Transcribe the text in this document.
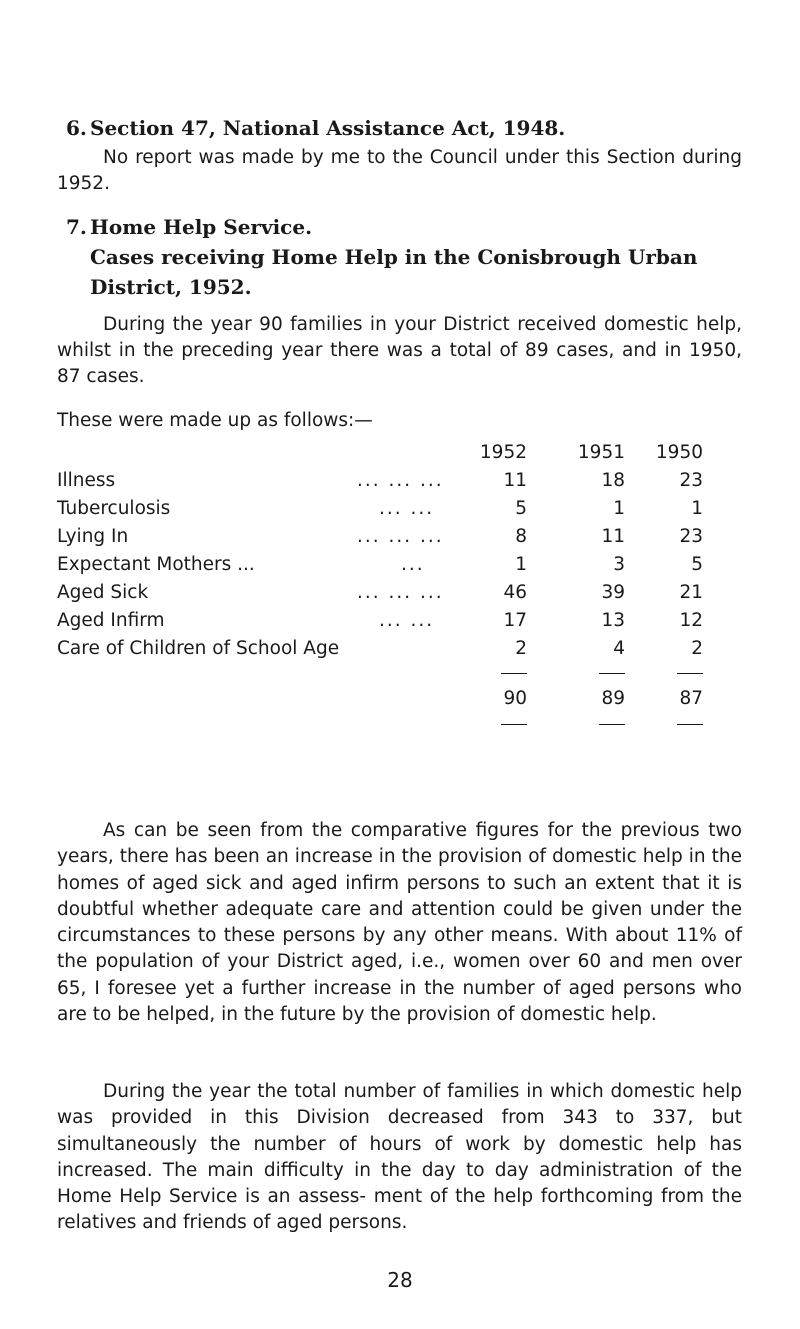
6. Section 47, National Assistance Act, 1948.

No report was made by me to the Council under this Section during 1952.

7. Home Help Service.
Cases receiving Home Help in the Conisbrough Urban District, 1952.

During the year 90 families in your District received domestic help, whilst in the preceding year there was a total of 89 cases, and in 1950, 87 cases.

These were made up as follows:—

		1952		1951	1950
Illness	... ... ...	11		18	23
Tuberculosis	... ...	5		1	1
Lying In	... ... ...	8		11	23
Expectant Mothers ...	...	1		3	5
Aged Sick	... ... ...	46		39	21
Aged Infirm	... ...	17		13	12
Care of Children of School Age		2		4	2

		90		89	87

As can be seen from the comparative figures for the previous two years, there has been an increase in the provision of domestic help in the homes of aged sick and aged infirm persons to such an extent that it is doubtful whether adequate care and attention could be given under the circumstances to these persons by any other means. With about 11% of the population of your District aged, i.e., women over 60 and men over 65, I foresee yet a further increase in the number of aged persons who are to be helped, in the future by the provision of domestic help.

During the year the total number of families in which domestic help was provided in this Division decreased from 343 to 337, but simultaneously the number of hours of work by domestic help has increased. The main difficulty in the day to day administration of the Home Help Service is an assess- ment of the help forthcoming from the relatives and friends of aged persons.

28
